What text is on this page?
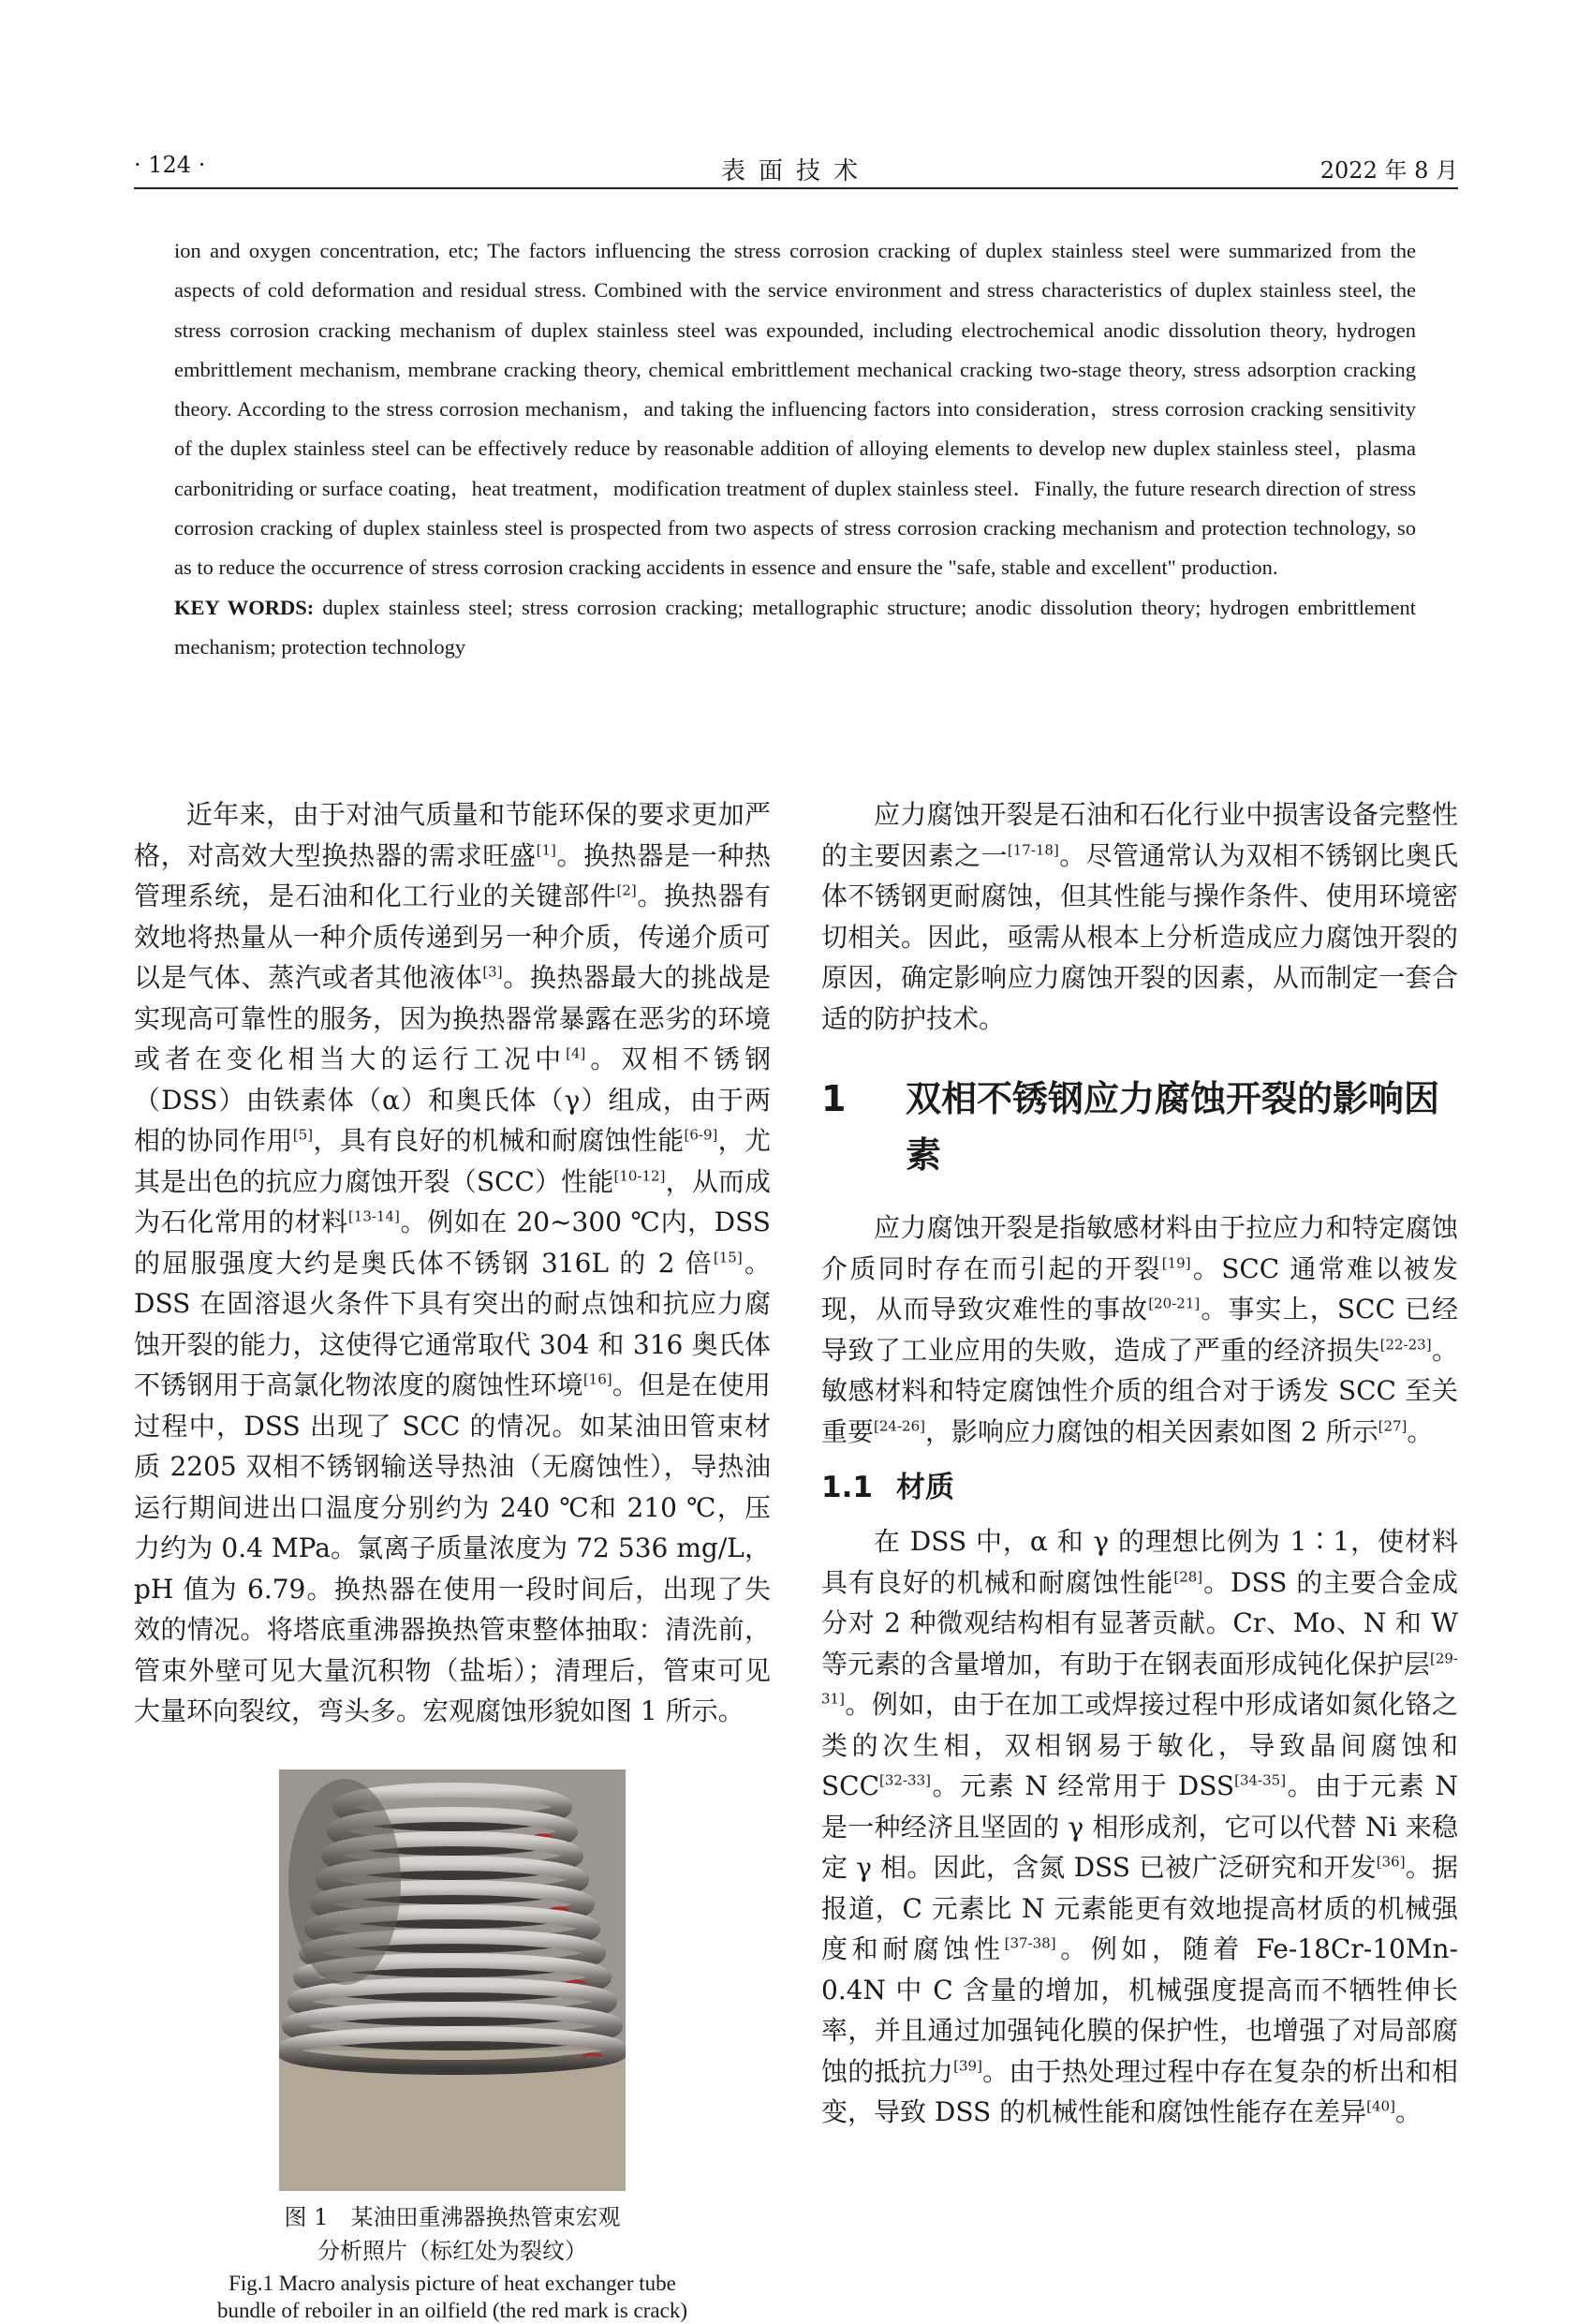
· 124 ·	表面技术	2022 年 8 月

ion and oxygen concentration, etc; The factors influencing the stress corrosion cracking of duplex stainless steel were summarized from the aspects of cold deformation and residual stress. Combined with the service environment and stress characteristics of duplex stainless steel, the stress corrosion cracking mechanism of duplex stainless steel was expounded, including electrochemical anodic dissolution theory, hydrogen embrittlement mechanism, membrane cracking theory, chemical embrittlement mechanical cracking two-stage theory, stress adsorption cracking theory. According to the stress corrosion mechanism，and taking the influencing factors into consideration，stress corrosion cracking sensitivity of the duplex stainless steel can be effectively reduce by reasonable addition of alloying elements to develop new duplex stainless steel，plasma carbonitriding or surface coating，heat treatment，modification treatment of duplex stainless steel．Finally, the future research direction of stress corrosion cracking of duplex stainless steel is prospected from two aspects of stress corrosion cracking mechanism and protection technology, so as to reduce the occurrence of stress corrosion cracking accidents in essence and ensure the "safe, stable and excellent" production.

KEY WORDS: duplex stainless steel; stress corrosion cracking; metallographic structure; anodic dissolution theory; hydrogen embrittlement mechanism; protection technology

近年来，由于对油气质量和节能环保的要求更加严格，对高效大型换热器的需求旺盛[1]。换热器是一种热管理系统，是石油和化工行业的关键部件[2]。换热器有效地将热量从一种介质传递到另一种介质，传递介质可以是气体、蒸汽或者其他液体[3]。换热器最大的挑战是实现高可靠性的服务，因为换热器常暴露在恶劣的环境或者在变化相当大的运行工况中[4]。双相不锈钢（DSS）由铁素体（α）和奥氏体（γ）组成，由于两相的协同作用[5]，具有良好的机械和耐腐蚀性能[6-9]，尤其是出色的抗应力腐蚀开裂（SCC）性能[10-12]，从而成为石化常用的材料[13-14]。例如在 20~300 ℃内，DSS 的屈服强度大约是奥氏体不锈钢 316L 的 2 倍[15]。DSS 在固溶退火条件下具有突出的耐点蚀和抗应力腐蚀开裂的能力，这使得它通常取代 304 和 316 奥氏体不锈钢用于高氯化物浓度的腐蚀性环境[16]。但是在使用过程中，DSS 出现了 SCC 的情况。如某油田管束材质 2205 双相不锈钢输送导热油（无腐蚀性），导热油运行期间进出口温度分别约为 240 ℃和 210 ℃，压力约为 0.4 MPa。氯离子质量浓度为 72 536 mg/L，pH 值为 6.79。换热器在使用一段时间后，出现了失效的情况。将塔底重沸器换热管束整体抽取：清洗前，管束外壁可见大量沉积物（盐垢）；清理后，管束可见大量环向裂纹，弯头多。宏观腐蚀形貌如图 1 所示。

图 1　某油田重沸器换热管束宏观

分析照片（标红处为裂纹）

Fig.1 Macro analysis picture of heat exchanger tube

bundle of reboiler in an oilfield (the red mark is crack)

应力腐蚀开裂是石油和石化行业中损害设备完整性的主要因素之一[17-18]。尽管通常认为双相不锈钢比奥氏体不锈钢更耐腐蚀，但其性能与操作条件、使用环境密切相关。因此，亟需从根本上分析造成应力腐蚀开裂的原因，确定影响应力腐蚀开裂的因素，从而制定一套合适的防护技术。

1	双相不锈钢应力腐蚀开裂的影响因素

应力腐蚀开裂是指敏感材料由于拉应力和特定腐蚀介质同时存在而引起的开裂[19]。SCC 通常难以被发现，从而导致灾难性的事故[20-21]。事实上，SCC 已经导致了工业应用的失败，造成了严重的经济损失[22-23]。敏感材料和特定腐蚀性介质的组合对于诱发 SCC 至关重要[24-26]，影响应力腐蚀的相关因素如图 2 所示[27]。

1.1 材质

在 DSS 中，α 和 γ 的理想比例为 1∶1，使材料具有良好的机械和耐腐蚀性能[28]。DSS 的主要合金成分对 2 种微观结构相有显著贡献。Cr、Mo、N 和 W 等元素的含量增加，有助于在钢表面形成钝化保护层[29-31]。例如，由于在加工或焊接过程中形成诸如氮化铬之类的次生相，双相钢易于敏化，导致晶间腐蚀和 SCC[32-33]。元素 N 经常用于 DSS[34-35]。由于元素 N 是一种经济且坚固的 γ 相形成剂，它可以代替 Ni 来稳定 γ 相。因此，含氮 DSS 已被广泛研究和开发[36]。据报道，C 元素比 N 元素能更有效地提高材质的机械强度和耐腐蚀性[37-38]。例如，随着 Fe-18Cr-10Mn-0.4N 中 C 含量的增加，机械强度提高而不牺牲伸长率，并且通过加强钝化膜的保护性，也增强了对局部腐蚀的抵抗力[39]。由于热处理过程中存在复杂的析出和相变，导致 DSS 的机械性能和腐蚀性能存在差异[40]。
